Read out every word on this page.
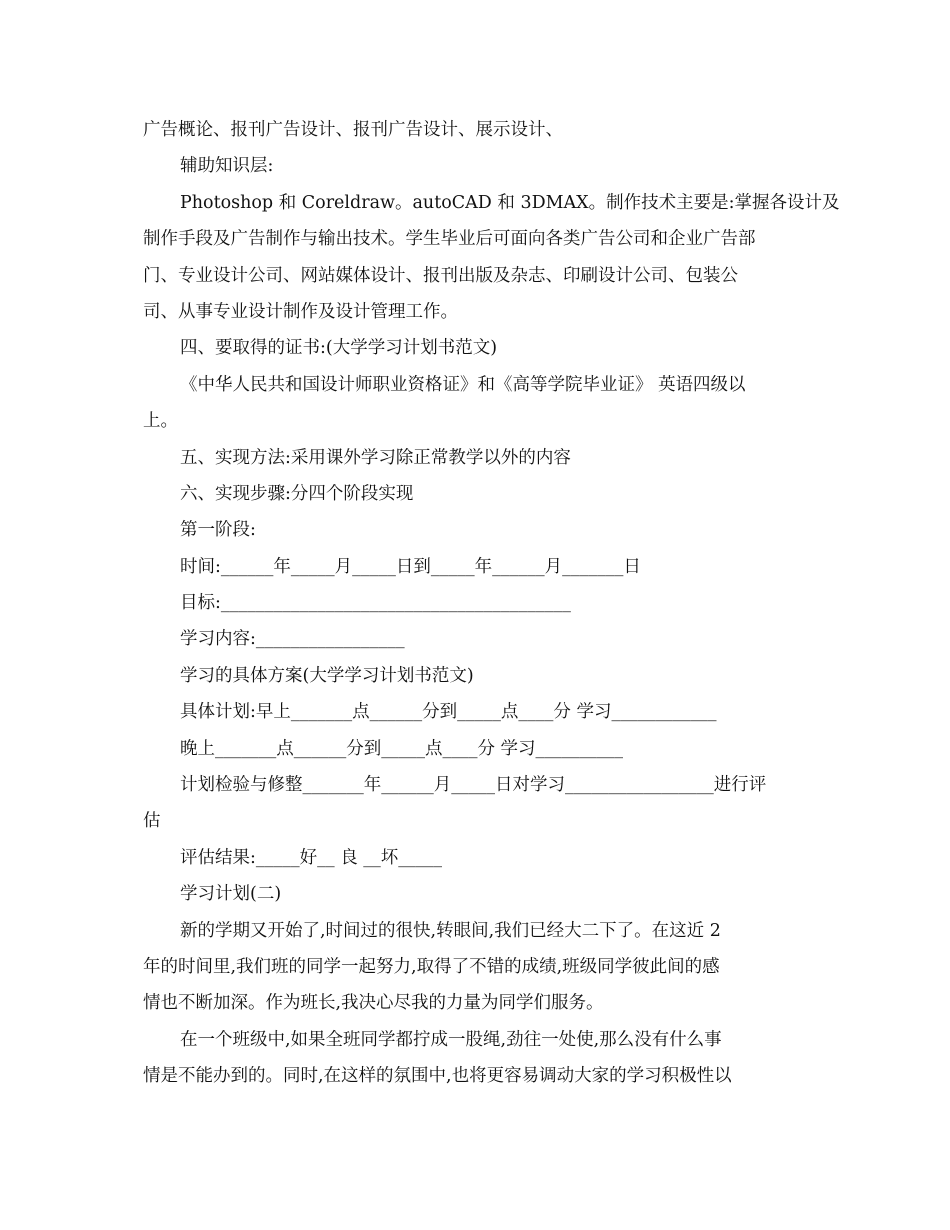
广告概论、报刊广告设计、报刊广告设计、展示设计、
辅助知识层:
Photoshop 和 Coreldraw。autoCAD 和 3DMAX。制作技术主要是:掌握各设计及
制作手段及广告制作与输出技术。学生毕业后可面向各类广告公司和企业广告部
门、专业设计公司、网站媒体设计、报刊出版及杂志、印刷设计公司、包装公
司、从事专业设计制作及设计管理工作。
四、要取得的证书:(大学学习计划书范文)
《中华人民共和国设计师职业资格证》和《高等学院毕业证》 英语四级以
上。
五、实现方法:采用课外学习除正常教学以外的内容
六、实现步骤:分四个阶段实现
第一阶段:
时间:______年_____月_____日到_____年______月_______日
目标:________________________________________
学习内容:_________________
学习的具体方案(大学学习计划书范文)
具体计划:早上_______点______分到_____点____分 学习____________
晚上_______点______分到_____点____分 学习__________
计划检验与修整_______年______月_____日对学习_________________进行评
估
评估结果:_____好__ 良 __坏_____
学习计划(二)
新的学期又开始了,时间过的很快,转眼间,我们已经大二下了。在这近 2
年的时间里,我们班的同学一起努力,取得了不错的成绩,班级同学彼此间的感
情也不断加深。作为班长,我决心尽我的力量为同学们服务。
在一个班级中,如果全班同学都拧成一股绳,劲往一处使,那么没有什么事
情是不能办到的。同时,在这样的氛围中,也将更容易调动大家的学习积极性以
